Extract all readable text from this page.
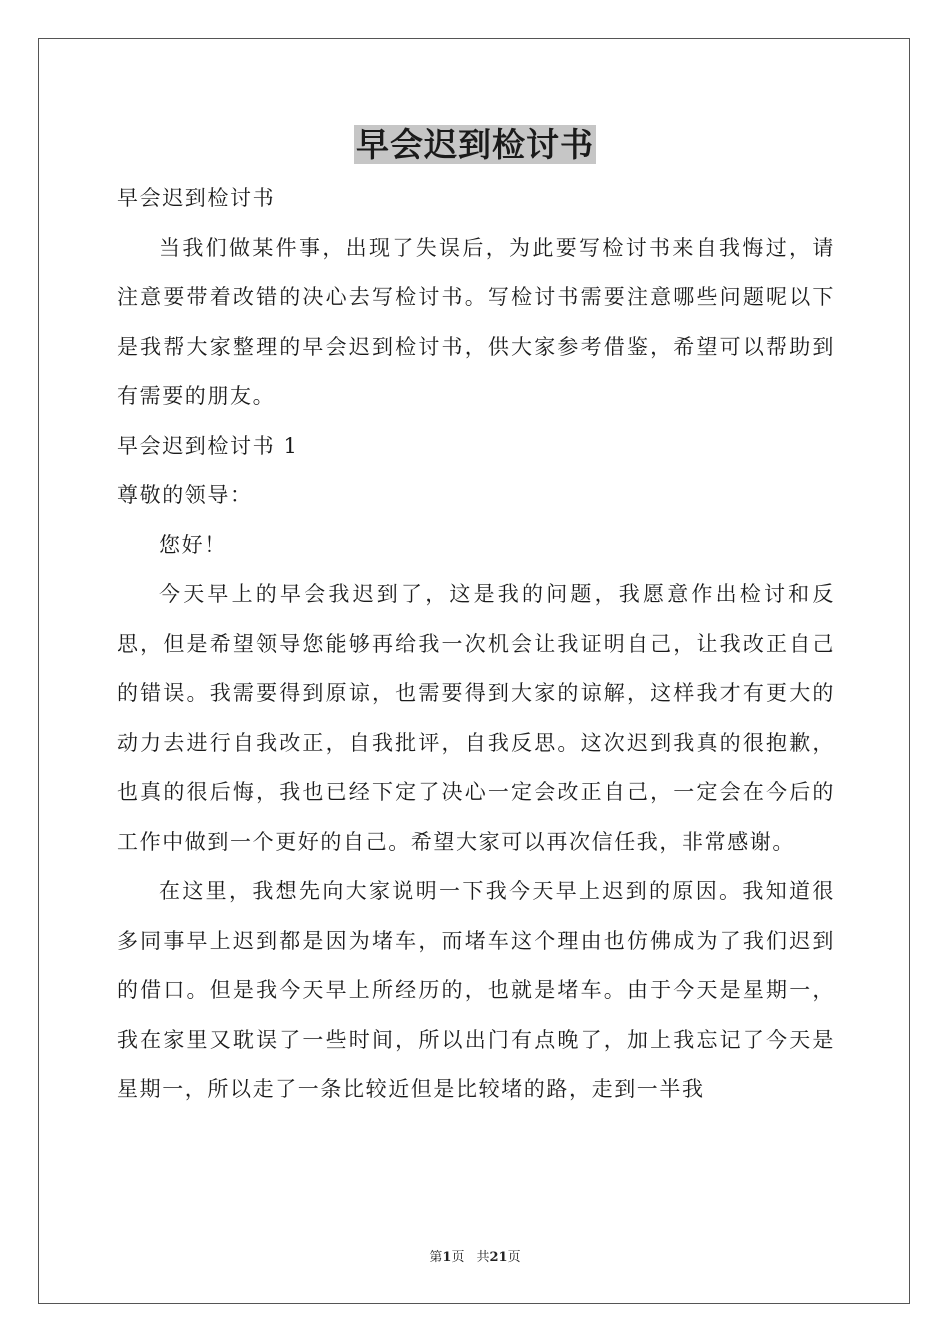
早会迟到检讨书

早会迟到检讨书

当我们做某件事，出现了失误后，为此要写检讨书来自我悔过，请注意要带着改错的决心去写检讨书。写检讨书需要注意哪些问题呢以下是我帮大家整理的早会迟到检讨书，供大家参考借鉴，希望可以帮助到有需要的朋友。

早会迟到检讨书 1

尊敬的领导：

您好！

今天早上的早会我迟到了，这是我的问题，我愿意作出检讨和反思，但是希望领导您能够再给我一次机会让我证明自己，让我改正自己的错误。我需要得到原谅，也需要得到大家的谅解，这样我才有更大的动力去进行自我改正，自我批评，自我反思。这次迟到我真的很抱歉，也真的很后悔，我也已经下定了决心一定会改正自己，一定会在今后的工作中做到一个更好的自己。希望大家可以再次信任我，非常感谢。

在这里，我想先向大家说明一下我今天早上迟到的原因。我知道很多同事早上迟到都是因为堵车，而堵车这个理由也仿佛成为了我们迟到的借口。但是我今天早上所经历的，也就是堵车。由于今天是星期一，我在家里又耽误了一些时间，所以出门有点晚了，加上我忘记了今天是星期一，所以走了一条比较近但是比较堵的路，走到一半我

第1页 共21页
